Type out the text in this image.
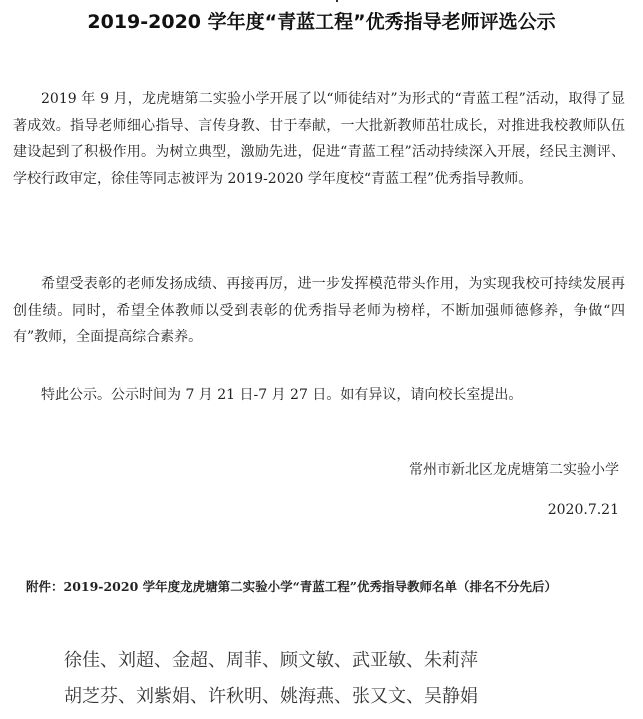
2019-2020 学年度“青蓝工程”优秀指导老师评选公示

2019 年 9 月，龙虎塘第二实验小学开展了以“师徒结对”为形式的“青蓝工程”活动，取得了显著成效。指导老师细心指导、言传身教、甘于奉献，一大批新教师茁壮成长，对推进我校教师队伍建设起到了积极作用。为树立典型，激励先进，促进“青蓝工程”活动持续深入开展，经民主测评、学校行政审定，徐佳等同志被评为 2019-2020 学年度校“青蓝工程”优秀指导教师。

希望受表彰的老师发扬成绩、再接再厉，进一步发挥模范带头作用，为实现我校可持续发展再创佳绩。同时，希望全体教师以受到表彰的优秀指导老师为榜样，不断加强师德修养，争做“四有”教师，全面提高综合素养。

特此公示。公示时间为 7 月 21 日-7 月 27 日。如有异议，请向校长室提出。

常州市新北区龙虎塘第二实验小学
2020.7.21
附件：2019-2020 学年度龙虎塘第二实验小学“青蓝工程”优秀指导教师名单（排名不分先后）
徐佳、刘超、金超、周菲、顾文敏、武亚敏、朱莉萍
胡芝芬、刘紫娟、许秋明、姚海燕、张又文、吴静娟
